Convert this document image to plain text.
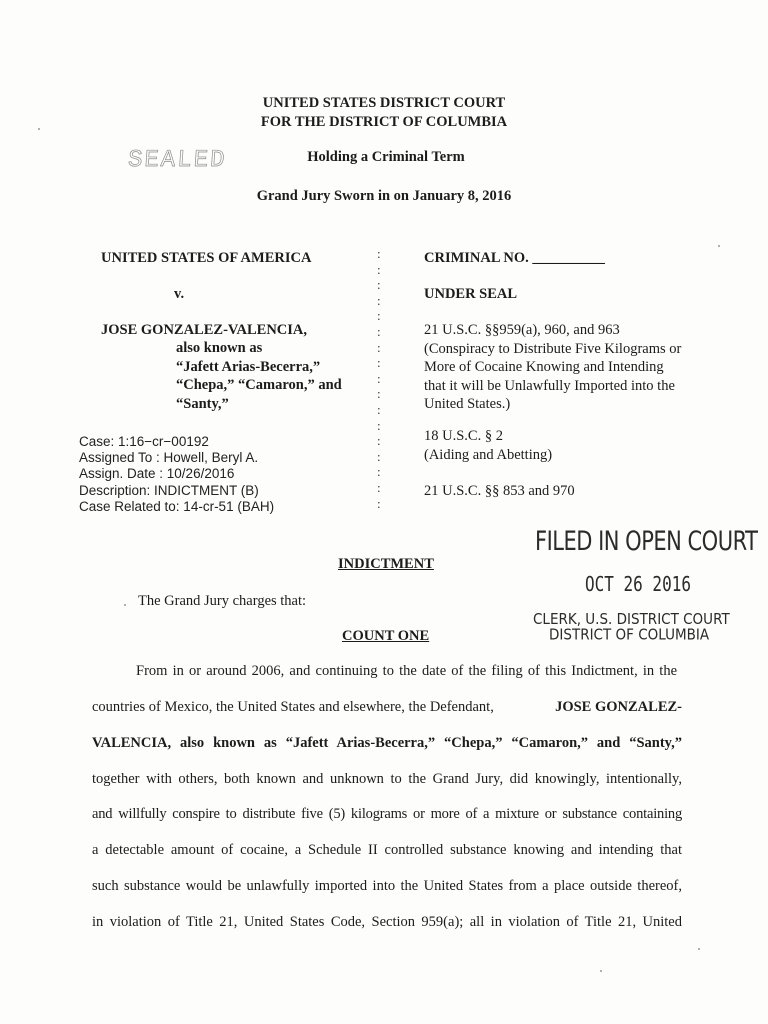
UNITED STATES DISTRICT COURT
FOR THE DISTRICT OF COLUMBIA
SEALED	Holding a Criminal Term
Grand Jury Sworn in on January 8, 2016
UNITED STATES OF AMERICA
v.
JOSE GONZALEZ-VALENCIA,
also known as
“Jafett Arias-Becerra,”
“Chepa,” “Camaron,” and
“Santy,”
:
:
:
:
:
:
:
:
:
:
:
:
:
:
:
:
:
CRIMINAL NO. __________
UNDER SEAL
21 U.S.C. §§959(a), 960, and 963
(Conspiracy to Distribute Five Kilograms or
More of Cocaine Knowing and Intending
that it will be Unlawfully Imported into the
United States.)
18 U.S.C. § 2
(Aiding and Abetting)
21 U.S.C. §§ 853 and 970
Case: 1:16−cr−00192
Assigned To : Howell, Beryl A.
Assign. Date : 10/26/2016
Description: INDICTMENT (B)
Case Related to: 14-cr-51 (BAH)
FILED IN OPEN COURT
OCT 26 2016
CLERK, U.S. DISTRICT COURT
DISTRICT OF COLUMBIA
INDICTMENT
The Grand Jury charges that:
COUNT ONE
From in or around 2006, and continuing to the date of the filing of this Indictment, in the
countries of Mexico, the United States and elsewhere, the Defendant,	JOSE GONZALEZ-
VALENCIA, also known as “Jafett Arias-Becerra,” “Chepa,” “Camaron,” and “Santy,”
together with others, both known and unknown to the Grand Jury, did knowingly, intentionally,
and willfully conspire to distribute five (5) kilograms or more of a mixture or substance containing
a detectable amount of cocaine, a Schedule II controlled substance knowing and intending that
such substance would be unlawfully imported into the United States from a place outside thereof,
in violation of Title 21, United States Code, Section 959(a); all in violation of Title 21, United
